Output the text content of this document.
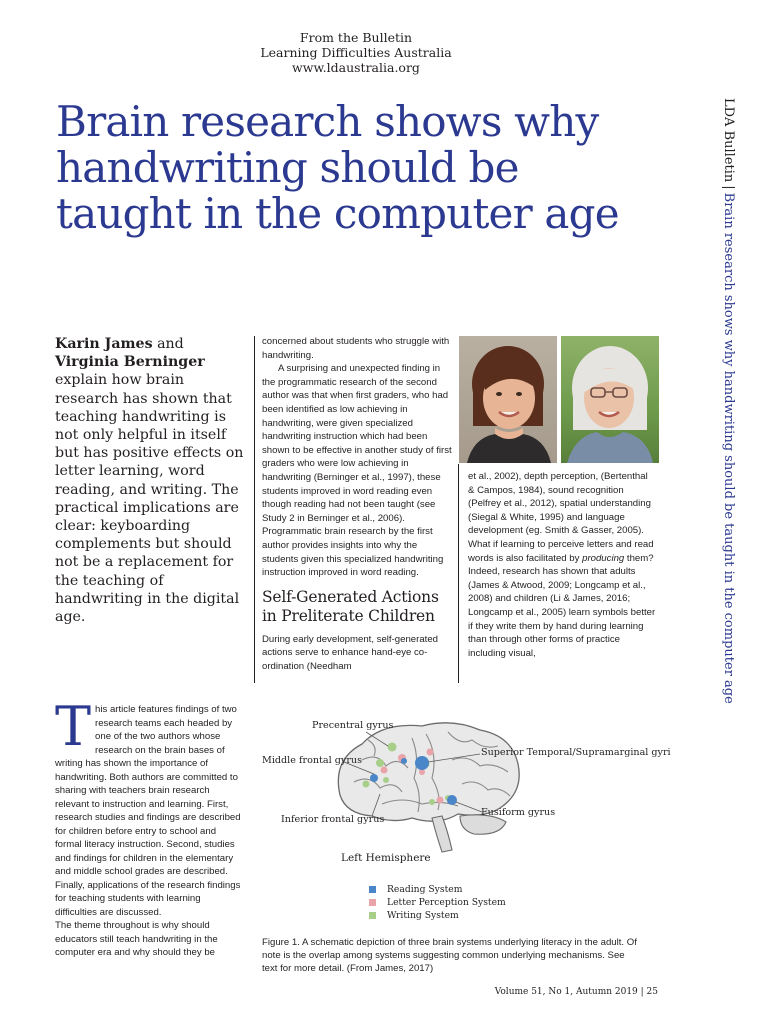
From the Bulletin
Learning Difficulties Australia
www.ldaustralia.org
Brain research shows why
handwriting should be
taught in the computer age
LDA Bulletin|Brain research shows why handwriting should be taught in the computer age
Karin James and Virginia Berninger explain how brain research has shown that teaching handwriting is not only helpful in itself but has positive effects on letter learning, word reading, and writing. The practical implications are clear: keyboarding complements but should not be a replacement for the teaching of handwriting in the digital age.

concerned about students who struggle with handwriting.

A surprising and unexpected finding in the programmatic research of the second author was that when first graders, who had been identified as low achieving in handwriting, were given specialized handwriting instruction which had been shown to be effective in another study of first graders who were low achieving in handwriting (Berninger et al., 1997), these students improved in word reading even though reading had not been taught (see Study 2 in Berninger et al., 2006). Programmatic brain research by the first author provides insights into why the students given this specialized handwriting instruction improved in word reading.

Self-Generated Actions in Preliterate Children

During early development, self-generated actions serve to enhance hand-eye co-ordination (Needham

et al., 2002), depth perception, (Bertenthal & Campos, 1984), sound recognition (Pelfrey et al., 2012), spatial understanding (Siegal & White, 1995) and language development (eg. Smith & Gasser, 2005). What if learning to perceive letters and read words is also facilitated by producing them? Indeed, research has shown that adults (James & Atwood, 2009; Longcamp et al., 2008) and children (Li & James, 2016; Longcamp et al., 2005) learn symbols better if they write them by hand during learning than through other forms of practice including visual,
T his article features findings of two research teams each headed by one of the two authors whose research on the brain bases of writing has shown the importance of handwriting. Both authors are committed to sharing with teachers brain research relevant to instruction and learning. First, research studies and findings are described for children before entry to school and formal literacy instruction. Second, studies and findings for children in the elementary and middle school grades are described. Finally, applications of the research findings for teaching students with learning difficulties are discussed.
The theme throughout is why should educators still teach handwriting in the computer era and why should they be
Precentral gyrus
Middle frontal gyrus
Superior Temporal/Supramarginal gyri
Inferior frontal gyrus
Fusiform gyrus
Left Hemisphere
Reading System
Letter Perception System
Writing System
Figure 1. A schematic depiction of three brain systems underlying literacy in the adult. Of note is the overlap among systems suggesting common underlying mechanisms. See text for more detail. (From James, 2017)
Volume 51, No 1, Autumn 2019 | 25
